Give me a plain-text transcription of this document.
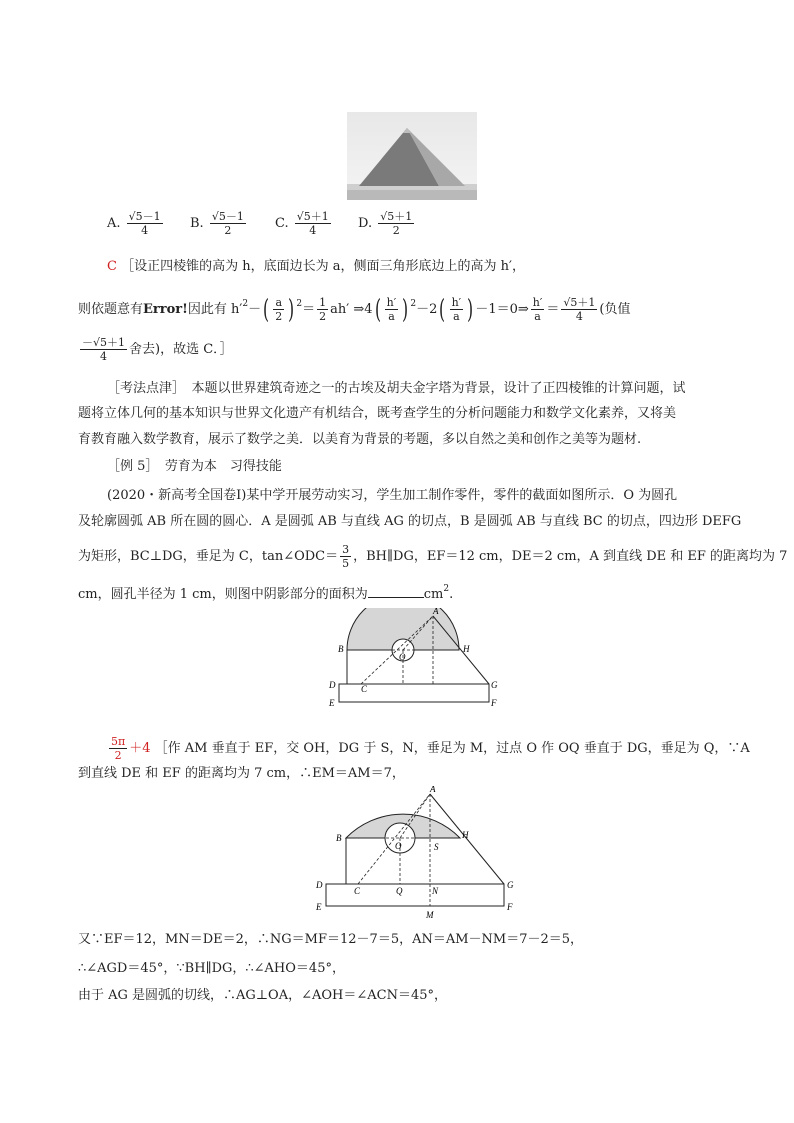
A. $\frac{√5-1}{4} B$. $\frac{√5-1}{2} C$. $\frac{√5+1}{4} D$. $\frac{√5+1}{2}$
C ［设正四棱锥的高为 h，底面边长为 a，侧面三角形底边上的高为 h′，
则依题意有Error!因此有 $h'^2-( \frac{a}{2}$ ) $^2= \frac{1}{2} ah'$ ⇒4( $\frac{h'}{a}$ ) $^2-2( \frac{h'}{a}$ ) －1＝0⇒ $\frac{h'}{a} = \frac{√5+1}{4}$ (负值
$\frac{-√5+1}{4}$ 舍去)，故选 C．］
［考法点津］　 本题以世界建筑奇迹之一的古埃及胡夫金字塔为背景，设计了正四棱锥的计算问题，试
题将立体几何的基本知识与世界文化遗产有机结合，既考查学生的分析问题能力和数学文化素养，又将美
育教育融入数学教育，展示了数学之美．以美育为背景的考题，多以自然之美和创作之美等为题材.
［例 5］　 劳育为本　习得技能
(2020・新高考全国卷Ⅰ)某中学开展劳动实习，学生加工制作零件，零件的截面如图所示．O 为圆孔
及轮廓圆弧 AB 所在圆的圆心．A 是圆弧 AB 与直线 AG 的切点，B 是圆弧 AB 与直线 BC 的切点，四边形 DEFG
为矩形，BC⊥DG，垂足为 C，tan∠ODC＝ $\frac{3}{5}$ ，BH∥DG，EF＝12 cm，DE＝2 cm，A 到直线 DE 和 EF 的距离均为 7
cm，圆孔半径为 1 cm，则图中阴影部分的面积为	$cm^2$.
A
B	H
O
D	C	G
E	F
$\frac{5\pi}{2} +4$ ［作 AM 垂直于 EF，交 OH，DG 于 S，N，垂足为 M，过点 O 作 OQ 垂直于 DG，垂足为 Q，∵A
到直线 DE 和 EF 的距离均为 7 cm，∴EM＝AM＝7，
A
B	H
O	S
D
C	Q	N
G
E
M
F
又∵EF＝12，MN＝DE＝2，∴NG＝MF＝12－7＝5，AN＝AM－NM＝7－2＝5，
∴∠AGD＝45°，∵BH∥DG，∴∠AHO＝45°，
由于 AG 是圆弧的切线，∴AG⊥OA，∠AOH＝∠ACN＝45°，
